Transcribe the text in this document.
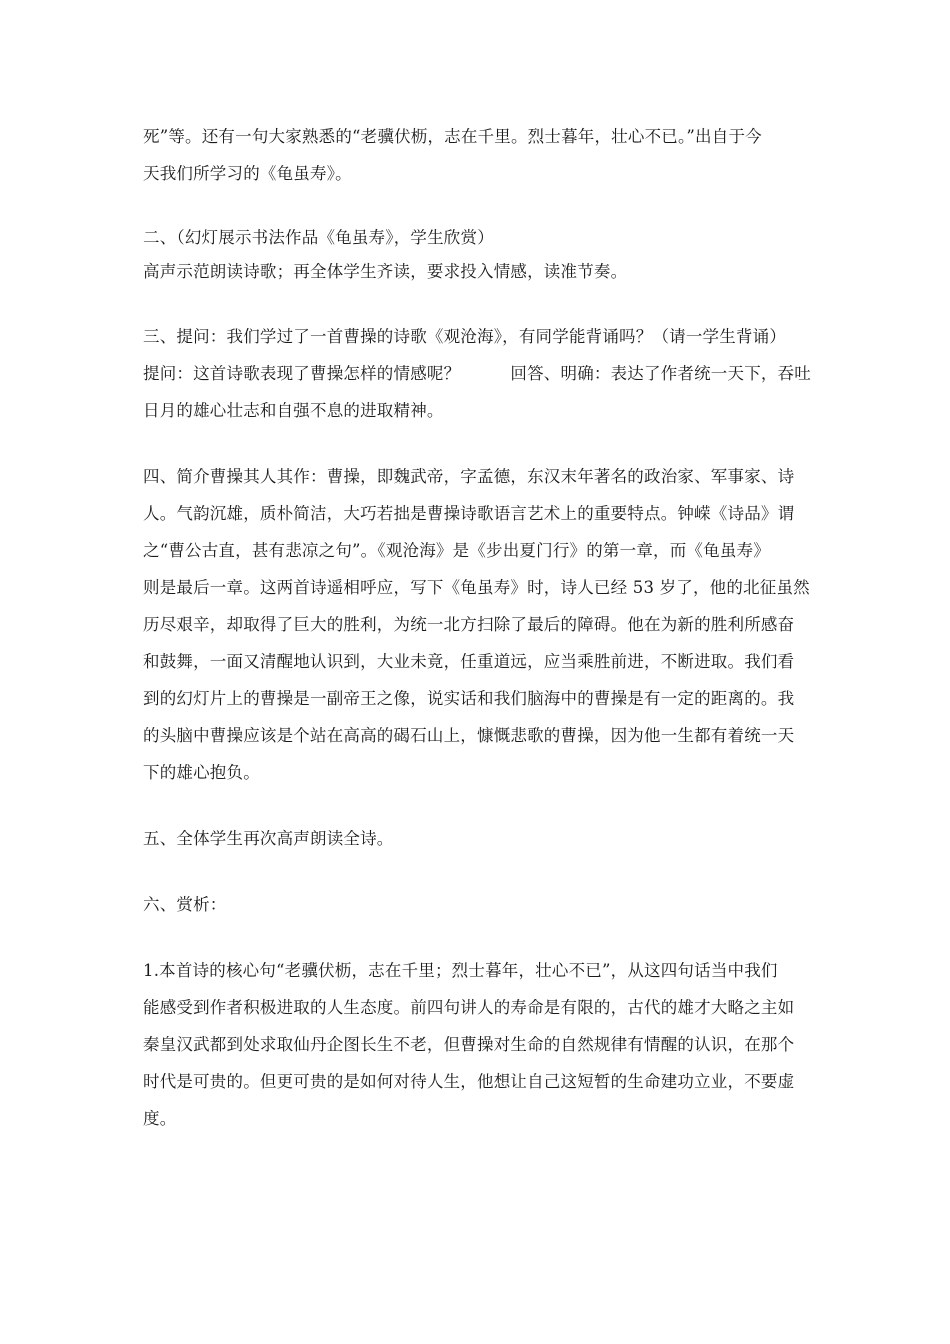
死”等。还有一句大家熟悉的“老骥伏枥，志在千里。烈士暮年，壮心不已。”出自于今
天我们所学习的《龟虽寿》。
二、（幻灯展示书法作品《龟虽寿》，学生欣赏）
高声示范朗读诗歌；再全体学生齐读，要求投入情感，读准节奏。
三、提问：我们学过了一首曹操的诗歌《观沧海》，有同学能背诵吗？（请一学生背诵）
提问：这首诗歌表现了曹操怎样的情感呢？　　　回答、明确：表达了作者统一天下，吞吐
日月的雄心壮志和自强不息的进取精神。
四、简介曹操其人其作：曹操，即魏武帝，字孟德，东汉末年著名的政治家、军事家、诗
人。气韵沉雄，质朴简洁，大巧若拙是曹操诗歌语言艺术上的重要特点。钟嵘《诗品》谓
之“曹公古直，甚有悲凉之句”。《观沧海》是《步出夏门行》的第一章，而《龟虽寿》
则是最后一章。这两首诗遥相呼应，写下《龟虽寿》时，诗人已经 53 岁了，他的北征虽然
历尽艰辛，却取得了巨大的胜利，为统一北方扫除了最后的障碍。他在为新的胜利所感奋
和鼓舞，一面又清醒地认识到，大业未竟，任重道远，应当乘胜前进，不断进取。我们看
到的幻灯片上的曹操是一副帝王之像，说实话和我们脑海中的曹操是有一定的距离的。我
的头脑中曹操应该是个站在高高的碣石山上，慷慨悲歌的曹操，因为他一生都有着统一天
下的雄心抱负。
五、全体学生再次高声朗读全诗。
六、赏析：
1.本首诗的核心句“老骥伏枥，志在千里；烈士暮年，壮心不已”，从这四句话当中我们
能感受到作者积极进取的人生态度。前四句讲人的寿命是有限的，古代的雄才大略之主如
秦皇汉武都到处求取仙丹企图长生不老，但曹操对生命的自然规律有情醒的认识，在那个
时代是可贵的。但更可贵的是如何对待人生，他想让自己这短暂的生命建功立业，不要虚
度。
